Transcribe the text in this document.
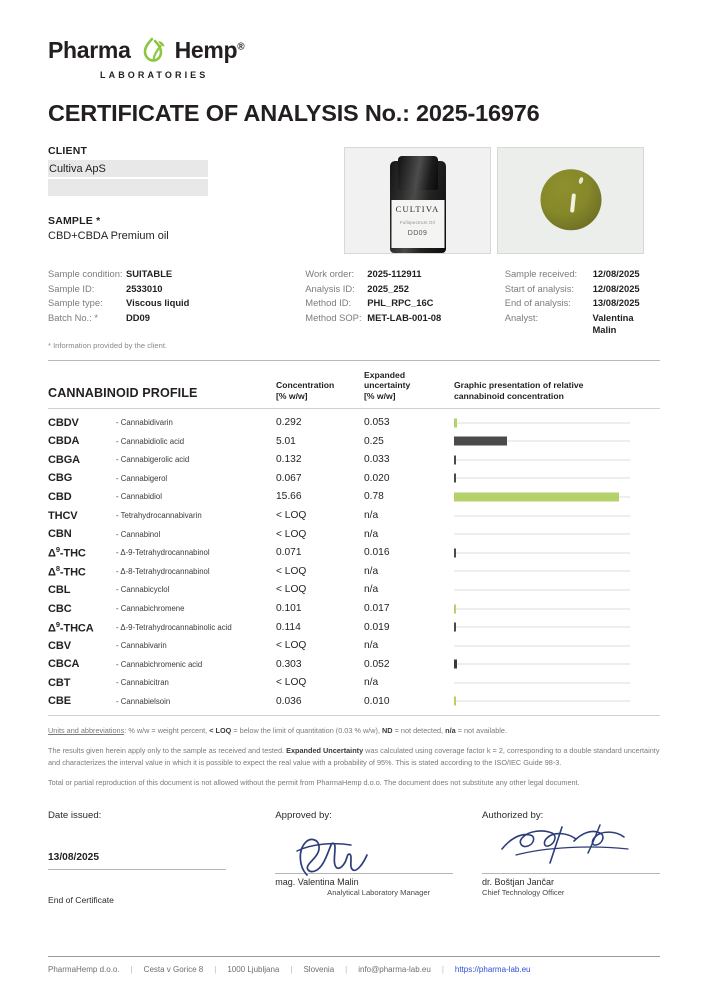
Pharma Hemp®
LABORATORIES
CERTIFICATE OF ANALYSIS No.: 2025-16976
CLIENT
Cultiva ApS
SAMPLE *
CBD+CBDA Premium oil
CULTIVA
Fullspectrum Oil
DD09
Sample condition: SUITABLE
Sample ID:	2533010
Sample type:	Viscous liquid
Batch No.: *	DD09
Work order:	2025-112911
Analysis ID:	2025_252
Method ID:	PHL_RPC_16C
Method SOP: MET-LAB-001-08
Sample received:	12/08/2025
Start of analysis:	12/08/2025
End of analysis:	13/08/2025
Analyst:	Valentina Malin
* Information provided by the client.
CANNABINOID PROFILE
Concentration
[% w/w]
Expanded
uncertainty
[% w/w]
Graphic presentation of relative
cannabinoid concentration
CBDV	- Cannabidivarin	0.292	0.053
CBDA	- Cannabidiolic acid	5.01	0.25
CBGA	- Cannabigerolic acid	0.132	0.033
CBG	- Cannabigerol	0.067	0.020
CBD	- Cannabidiol	15.66	0.78
THCV	- Tetrahydrocannabivarin	< LOQ	n/a
CBN	- Cannabinol	< LOQ	n/a
$\Delta^9$-THC	- Δ-9-Tetrahydrocannabinol	0.071	0.016
$\Delta^8$-THC	- Δ-8-Tetrahydrocannabinol	< LOQ	n/a
CBL	- Cannabicyclol	< LOQ	n/a
CBC	- Cannabichromene	0.101	0.017
$\Delta^9$-THCA	- Δ-9-Tetrahydrocannabinolic acid	0.114	0.019
CBV	- Cannabivarin	< LOQ	n/a
CBCA	- Cannabichromenic acid	0.303	0.052
CBT	- Cannabicitran	< LOQ	n/a
CBE	- Cannabielsoin	0.036	0.010
Units and abbreviations: % w/w = weight percent, < LOQ = below the limit of quantitation (0.03 % w/w), ND = not detected, n/a = not available.
The results given herein apply only to the sample as received and tested. Expanded Uncertainty was calculated using coverage factor k = 2, corresponding to a double standard uncertainty and characterizes the interval value in which it is possible to expect the real value with a probability of 95%. This is stated according to the ISO/IEC Guide 98-3.
Total or partial reproduction of this document is not allowed without the permit from PharmaHemp d.o.o. The document does not substitute any other legal document.
Date issued:
13/08/2025
End of Certificate
Approved by:
mag. Valentina Malin
Analytical Laboratory Manager
Authorized by:
dr. Boštjan Jančar
Chief Technology Officer
PharmaHemp d.o.o.	|	Cesta v Gorice 8	|	1000 Ljubljana	|	Slovenia	|	info@pharma-lab.eu	|	https://pharma-lab.eu
